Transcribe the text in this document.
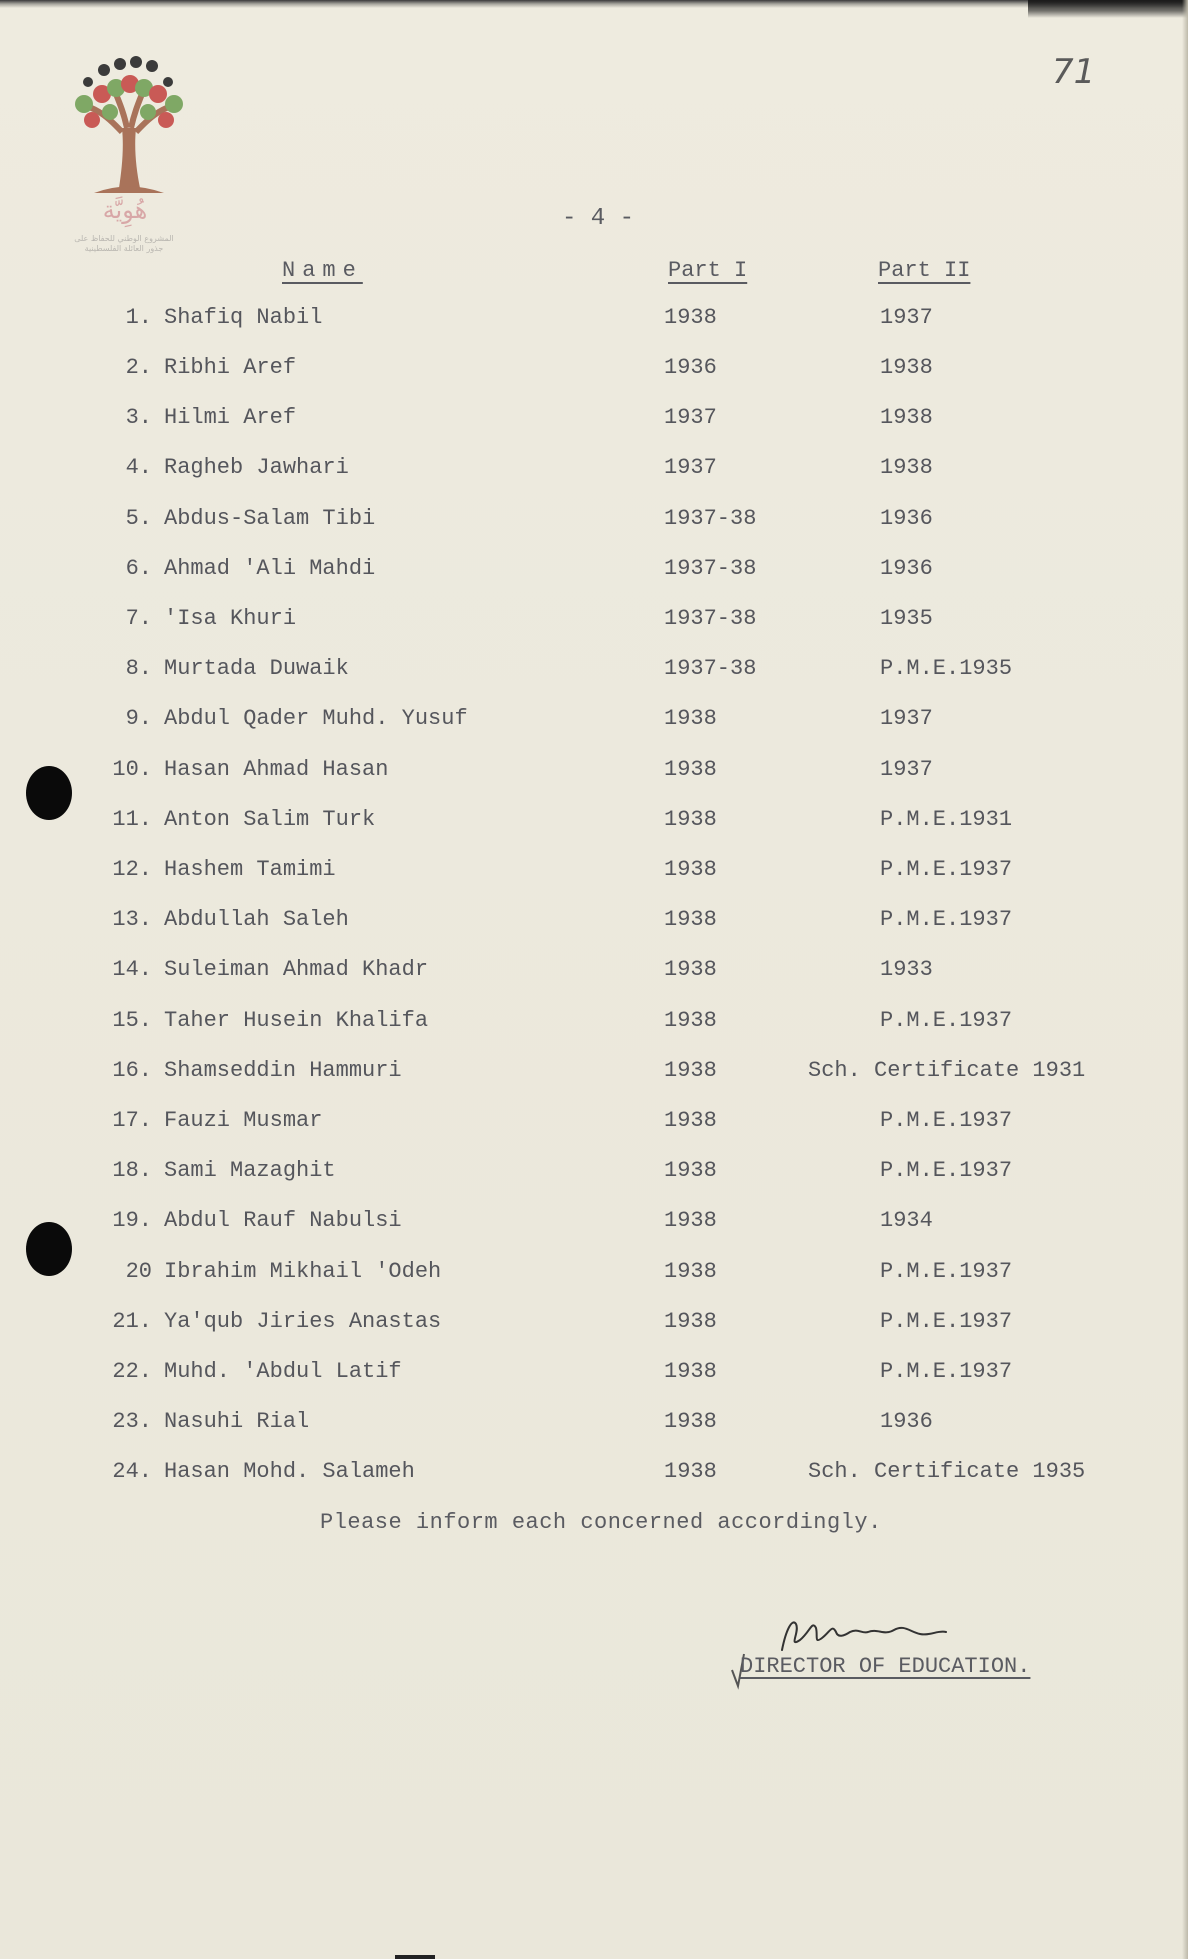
هُوِيَّة
المشروع الوطني للحفاظ على
جذور العائلة الفلسطينية
71
- 4 -
Name	Part I	Part II
1. Shafiq Nabil	1938	1937
2. Ribhi Aref	1936	1938
3. Hilmi Aref	1937	1938
4. Ragheb Jawhari	1937	1938
5. Abdus-Salam Tibi	1937-38	1936
6. Ahmad 'Ali Mahdi	1937-38	1936
7. 'Isa Khuri	1937-38	1935
8. Murtada Duwaik	1937-38	P.M.E.1935
9. Abdul Qader Muhd. Yusuf	1938	1937
10. Hasan Ahmad Hasan	1938	1937
11. Anton Salim Turk	1938	P.M.E.1931
12. Hashem Tamimi	1938	P.M.E.1937
13. Abdullah Saleh	1938	P.M.E.1937
14. Suleiman Ahmad Khadr	1938	1933
15. Taher Husein Khalifa	1938	P.M.E.1937
16. Shamseddin Hammuri	1938	Sch. Certificate 1931
17. Fauzi Musmar	1938	P.M.E.1937
18. Sami Mazaghit	1938	P.M.E.1937
19. Abdul Rauf Nabulsi	1938	1934
20 Ibrahim Mikhail 'Odeh	1938	P.M.E.1937
21. Ya'qub Jiries Anastas	1938	P.M.E.1937
22. Muhd. 'Abdul Latif	1938	P.M.E.1937
23. Nasuhi Rial	1938	1936
24. Hasan Mohd. Salameh	1938	Sch. Certificate 1935
Please inform each concerned accordingly.
DIRECTOR OF EDUCATION.
